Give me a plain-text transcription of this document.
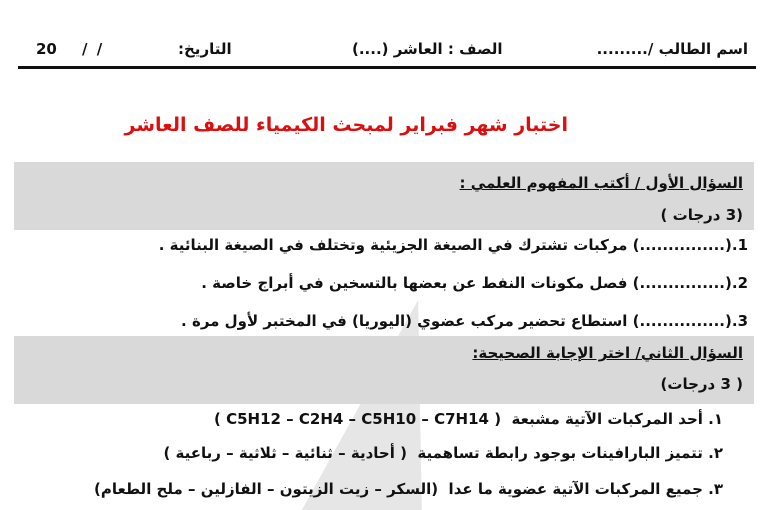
اسم الطالب /.........
الصف : العاشر (....)
التاريخ:
/ /
20
اختبار شهر فبراير لمبحث الكيمياء للصف العاشر
السؤال الأول / أكتب المفهوم العلمي :
(3 درجات )
1.(...............) مركبات تشترك في الصيغة الجزيئية وتختلف في الصيغة البنائية .
2.(...............) فصل مكونات النفط عن بعضها بالتسخين في أبراج خاصة .
3.(...............) استطاع تحضير مركب عضوي (اليوريا) في المختبر لأول مرة .
السؤال الثاني/ اختر الإجابة الصحيحة:
( 3 درجات)
١. أحد المركبات الآتية مشبعة  ( C5H12 – C2H4 – C5H10 – C7H14 )
٢. تتميز البارافينات بوجود رابطة تساهمية  ( أحادية – ثنائية – ثلاثية – رباعية )
٣. جميع المركبات الآتية عضوية ما عدا  (السكر – زيت الزيتون – الفازلين – ملح الطعام)
